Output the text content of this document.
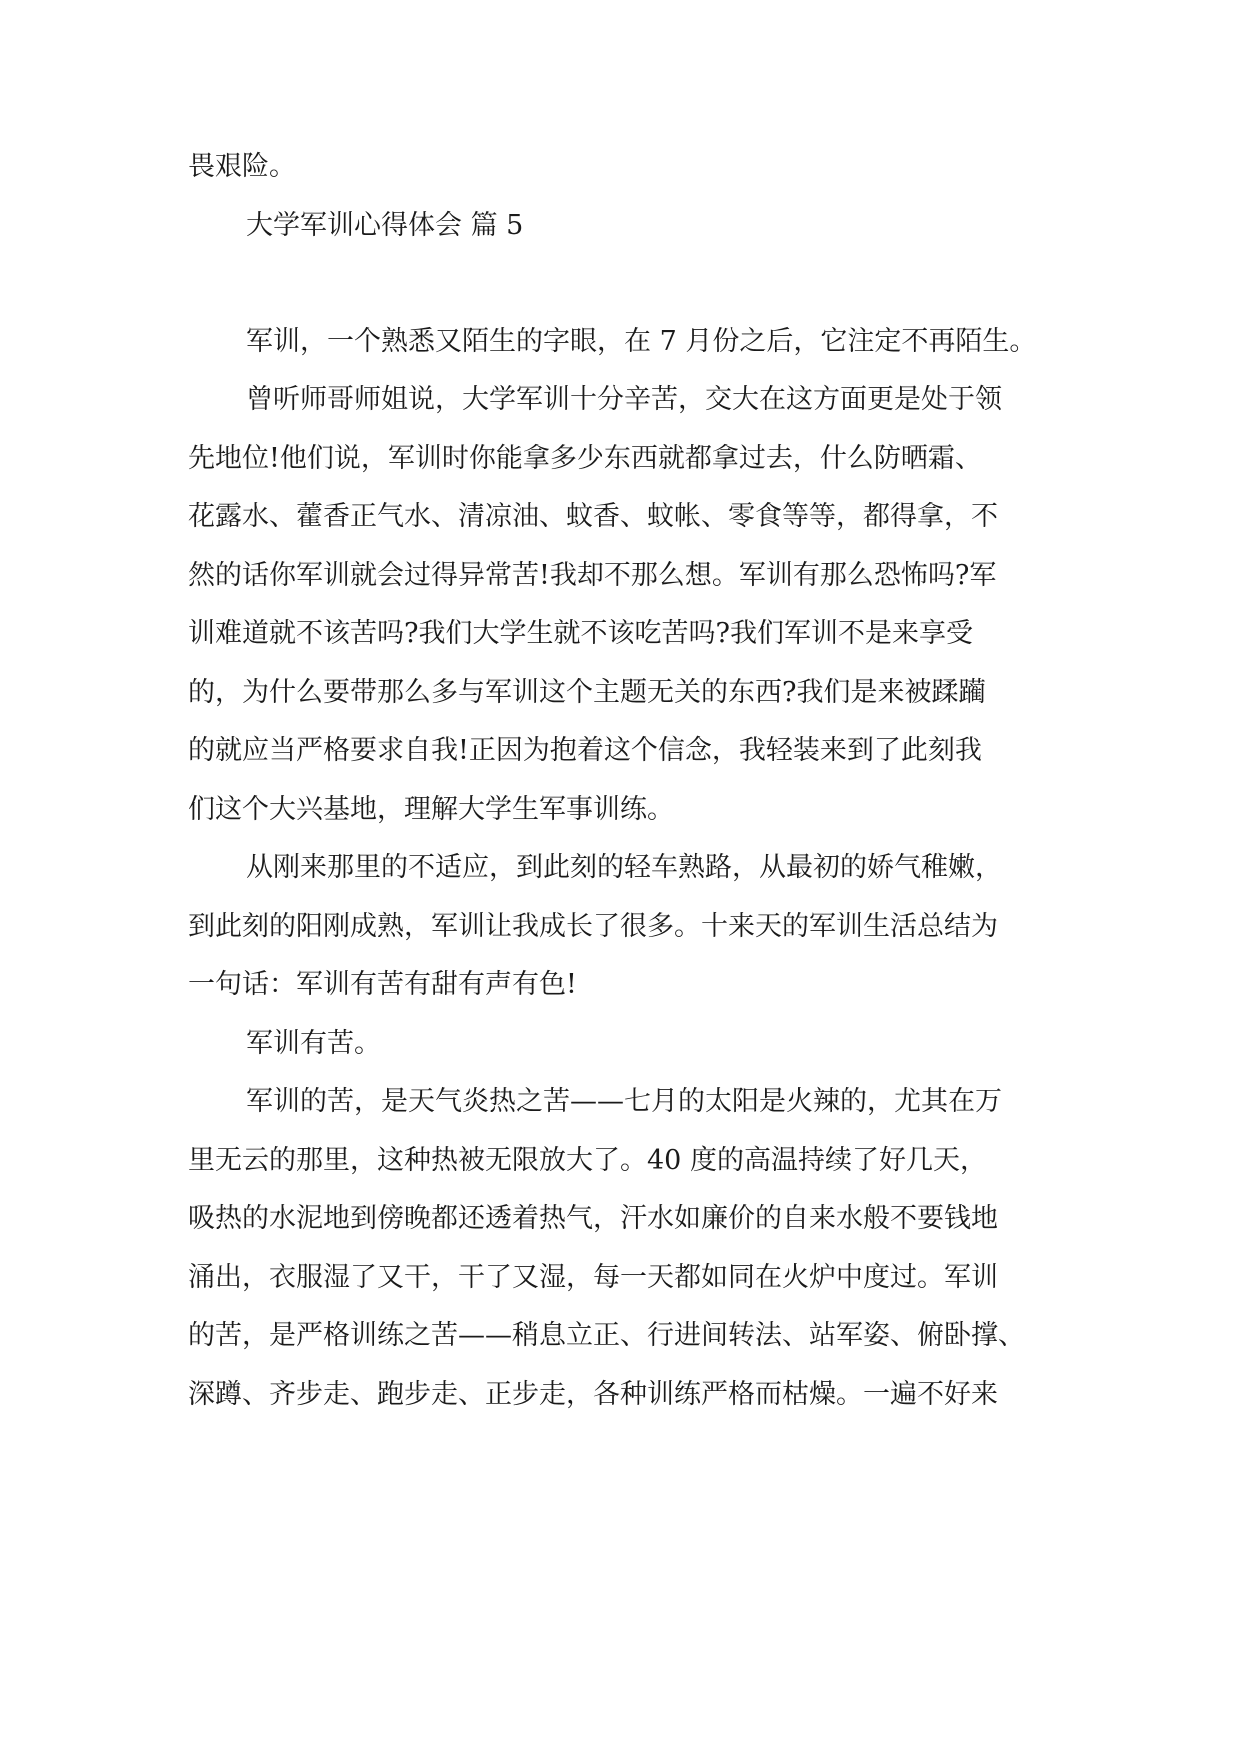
畏艰险。
大学军训心得体会 篇 5
军训，一个熟悉又陌生的字眼，在 7 月份之后，它注定不再陌生。
曾听师哥师姐说，大学军训十分辛苦，交大在这方面更是处于领
先地位!他们说，军训时你能拿多少东西就都拿过去，什么防晒霜、
花露水、藿香正气水、清凉油、蚊香、蚊帐、零食等等，都得拿，不
然的话你军训就会过得异常苦!我却不那么想。军训有那么恐怖吗?军
训难道就不该苦吗?我们大学生就不该吃苦吗?我们军训不是来享受
的，为什么要带那么多与军训这个主题无关的东西?我们是来被蹂躏
的就应当严格要求自我!正因为抱着这个信念，我轻装来到了此刻我
们这个大兴基地，理解大学生军事训练。
从刚来那里的不适应，到此刻的轻车熟路，从最初的娇气稚嫩，
到此刻的阳刚成熟，军训让我成长了很多。十来天的军训生活总结为
一句话：军训有苦有甜有声有色!
军训有苦。
军训的苦，是天气炎热之苦——七月的太阳是火辣的，尤其在万
里无云的那里，这种热被无限放大了。40 度的高温持续了好几天，
吸热的水泥地到傍晚都还透着热气，汗水如廉价的自来水般不要钱地
涌出，衣服湿了又干，干了又湿，每一天都如同在火炉中度过。军训
的苦，是严格训练之苦——稍息立正、行进间转法、站军姿、俯卧撑、
深蹲、齐步走、跑步走、正步走，各种训练严格而枯燥。一遍不好来
